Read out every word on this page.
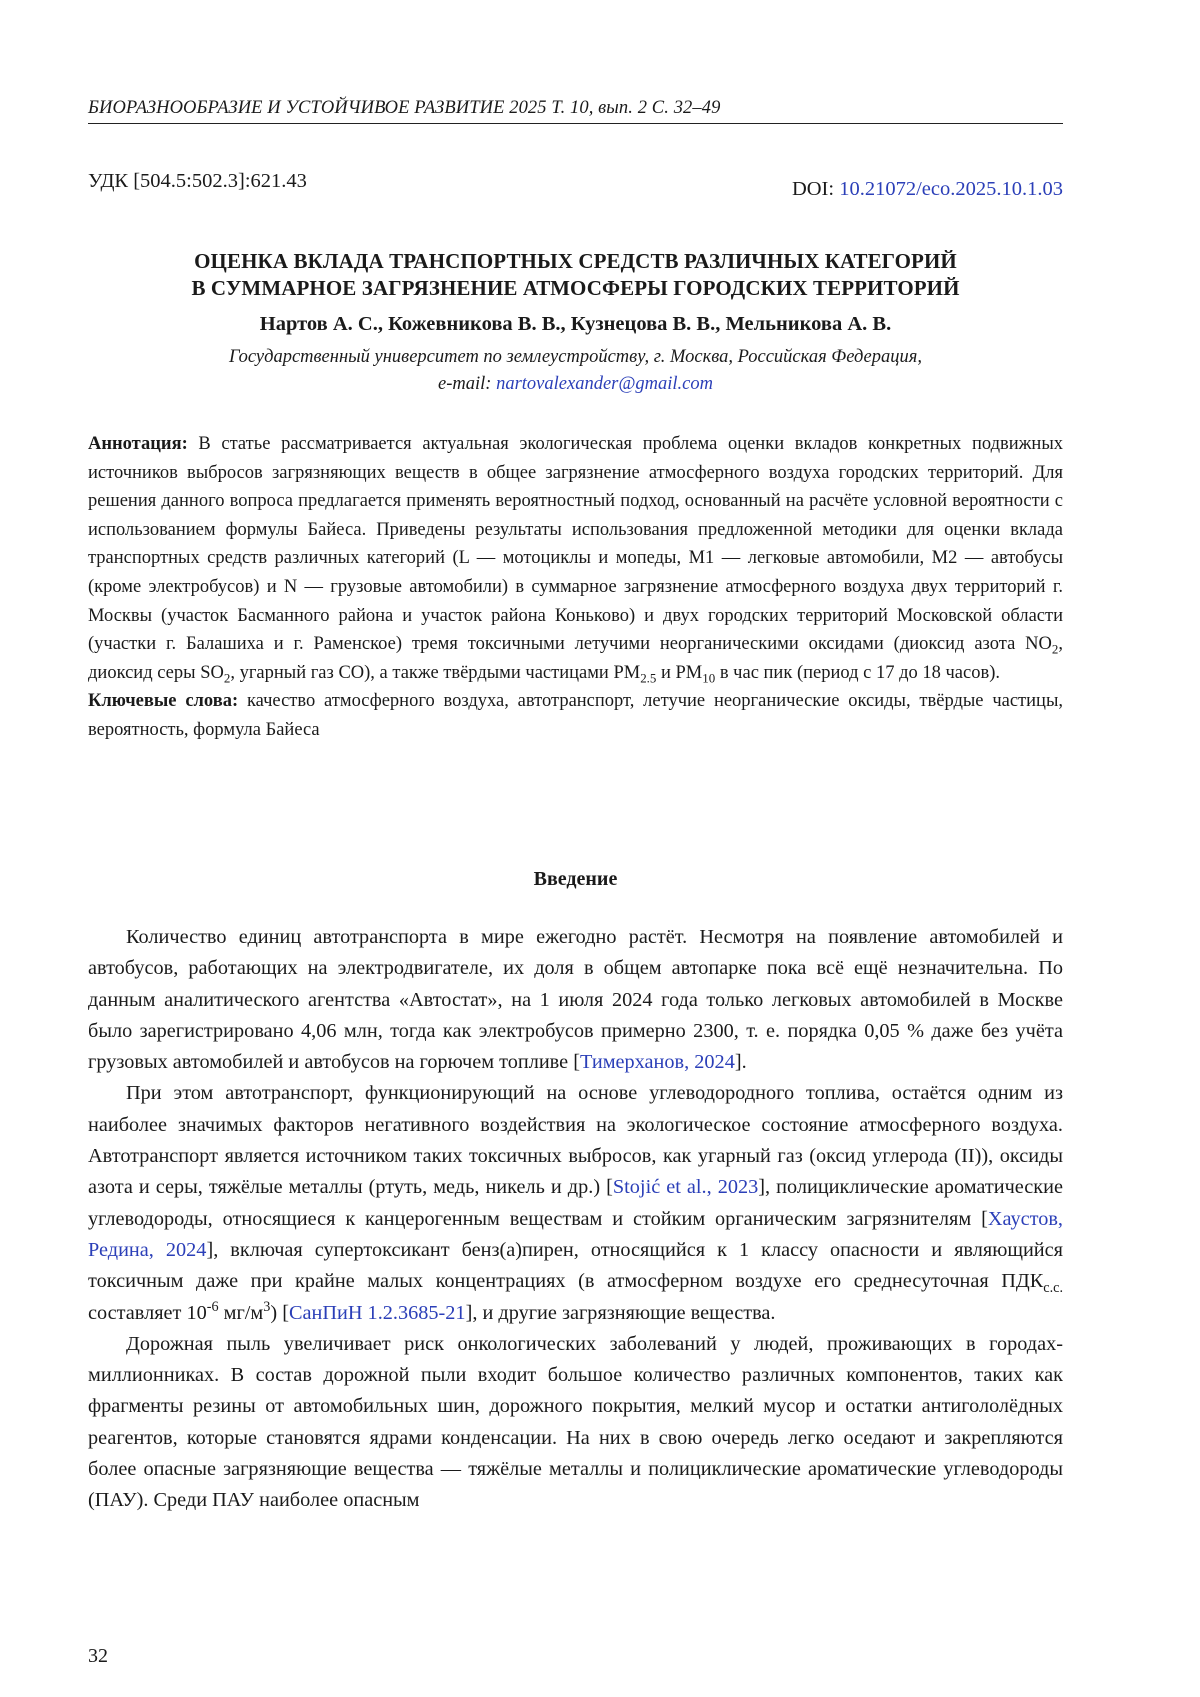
БИОРАЗНООБРАЗИЕ И УСТОЙЧИВОЕ РАЗВИТИЕ 2025 Т. 10, вып. 2 С. 32–49
УДК [504.5:502.3]:621.43	DOI: 10.21072/eco.2025.10.1.03
ОЦЕНКА ВКЛАДА ТРАНСПОРТНЫХ СРЕДСТВ РАЗЛИЧНЫХ КАТЕГОРИЙ
В СУММАРНОЕ ЗАГРЯЗНЕНИЕ АТМОСФЕРЫ ГОРОДСКИХ ТЕРРИТОРИЙ
Нартов А. С., Кожевникова В. В., Кузнецова В. В., Мельникова А. В.
Государственный университет по землеустройству, г. Москва, Российская Федерация,
e-mail: nartovalexander@gmail.com

Аннотация: В статье рассматривается актуальная экологическая проблема оценки вкладов конкретных подвижных источников выбросов загрязняющих веществ в общее загрязнение атмосферного воздуха городских территорий. Для решения данного вопроса предлагается применять вероятностный подход, основанный на расчёте условной вероятности с использованием формулы Байеса. Приведены результаты использования предложенной методики для оценки вклада транспортных средств различных категорий (L — мотоциклы и мопеды, M1 — легковые автомобили, M2 — автобусы (кроме электробусов) и N — грузовые автомобили) в суммарное загрязнение атмосферного воздуха двух территорий г. Москвы (участок Басманного района и участок района Коньково) и двух городских территорий Московской области (участки г. Балашиха и г. Раменское) тремя токсичными летучими неорганическими оксидами (диоксид азота $NO_2$, диоксид серы $SO_2$, угарный газ CO), а также твёрдыми частицами $PM_{2.5}$ и $PM_{10}$ в час пик (период с 17 до 18 часов).

Ключевые слова: качество атмосферного воздуха, автотранспорт, летучие неорганические оксиды, твёрдые частицы, вероятность, формула Байеса

Введение

Количество единиц автотранспорта в мире ежегодно растёт. Несмотря на появление автомобилей и автобусов, работающих на электродвигателе, их доля в общем автопарке пока всё ещё незначительна. По данным аналитического агентства «Автостат», на 1 июля 2024 года только легковых автомобилей в Москве было зарегистрировано 4,06 млн, тогда как электробусов примерно 2300, т. е. порядка 0,05 % даже без учёта грузовых автомобилей и автобусов на горючем топливе [Тимерханов, 2024].

При этом автотранспорт, функционирующий на основе углеводородного топлива, остаётся одним из наиболее значимых факторов негативного воздействия на экологическое состояние атмосферного воздуха. Автотранспорт является источником таких токсичных выбросов, как угарный газ (оксид углерода (II)), оксиды азота и серы, тяжёлые металлы (ртуть, медь, никель и др.) [Stojić et al., 2023], полициклические ароматические углеводороды, относящиеся к канцерогенным веществам и стойким органическим загрязнителям [Хаустов, Редина, 2024], включая супертоксикант бенз(а)пирен, относящийся к 1 классу опасности и являющийся токсичным даже при крайне малых концентрациях (в атмосферном воздухе его среднесуточная $ПДК_{с.с.}$ составляет $10^{-6}$ $мг/м^3$) [СанПиН 1.2.3685-21], и другие загрязняющие вещества.

Дорожная пыль увеличивает риск онкологических заболеваний у людей, проживающих в городах-миллионниках. В состав дорожной пыли входит большое количество различных компонентов, таких как фрагменты резины от автомобильных шин, дорожного покрытия, мелкий мусор и остатки антигололёдных реагентов, которые становятся ядрами конденсации. На них в свою очередь легко оседают и закрепляются более опасные загрязняющие вещества — тяжёлые металлы и полициклические ароматические углеводороды (ПАУ). Среди ПАУ наиболее опасным

32
